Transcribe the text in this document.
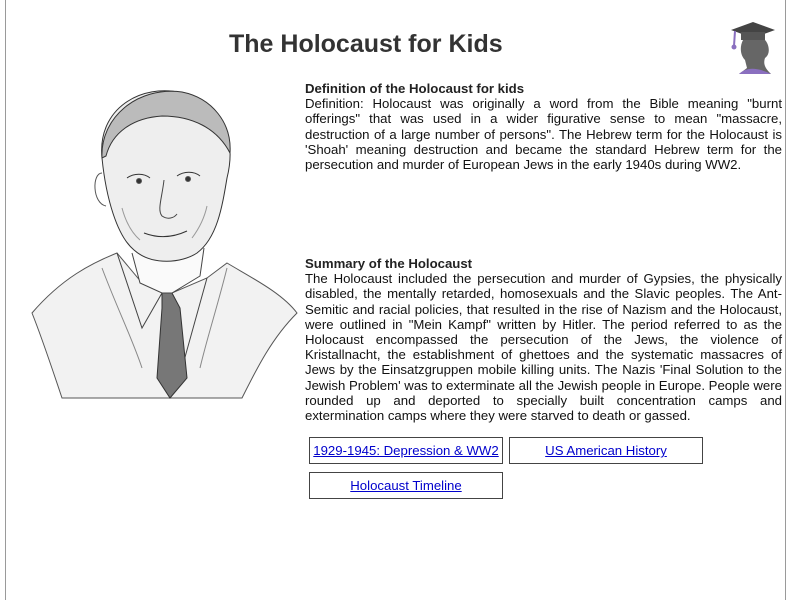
The Holocaust for Kids
Definition of the Holocaust for kids

Definition: Holocaust was originally a word from the Bible meaning "burnt offerings" that was used in a wider figurative sense to mean "massacre, destruction of a large number of persons". The Hebrew term for the Holocaust is 'Shoah' meaning destruction and became the standard Hebrew term for the persecution and murder of European Jews in the early 1940s during WW2.

Summary of the Holocaust

The Holocaust included the persecution and murder of Gypsies, the physically disabled, the mentally retarded, homosexuals and the Slavic peoples. The Ant-Semitic and racial policies, that resulted in the rise of Nazism and the Holocaust, were outlined in "Mein Kampf" written by Hitler. The period referred to as the Holocaust encompassed the persecution of the Jews, the violence of Kristallnacht, the establishment of ghettoes and the systematic massacres of Jews by the Einsatzgruppen mobile killing units. The Nazis 'Final Solution to the Jewish Problem' was to exterminate all the Jewish people in Europe. People were rounded up and deported to specially built concentration camps and extermination camps where they were starved to death or gassed.

1929-1945: Depression & WW2	US American History
Holocaust Timeline
